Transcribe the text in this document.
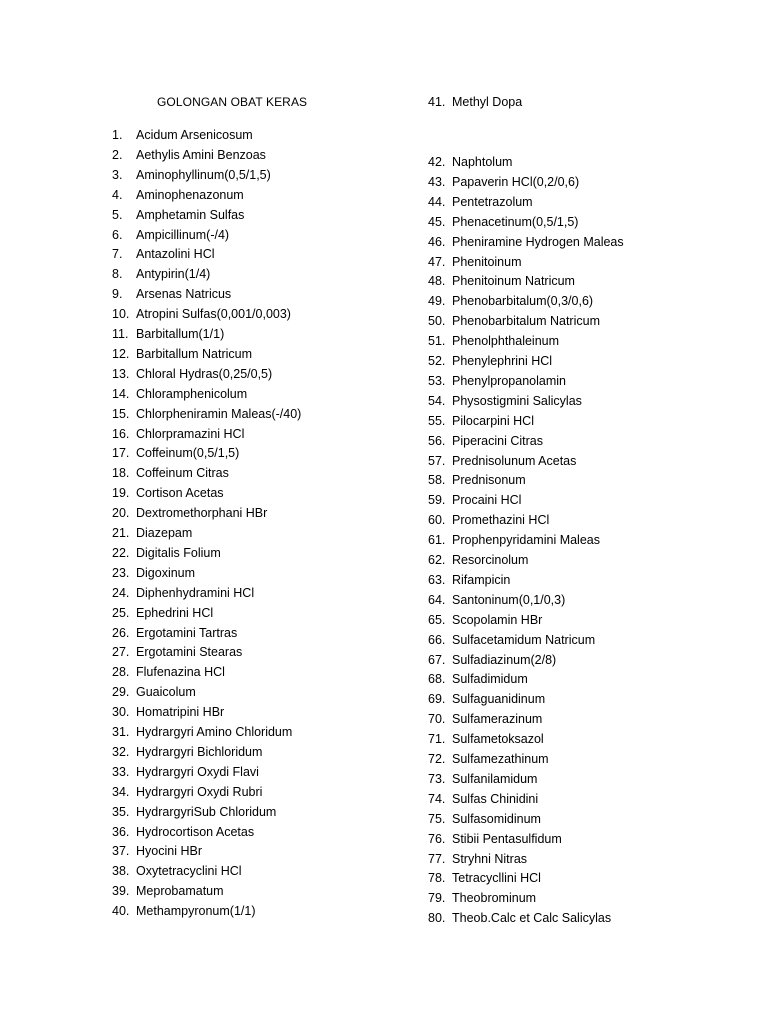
GOLONGAN OBAT KERAS
1. Acidum Arsenicosum
2. Aethylis Amini Benzoas
3. Aminophyllinum(0,5/1,5)
4. Aminophenazonum
5. Amphetamin Sulfas
6. Ampicillinum(-/4)
7. Antazolini HCl
8. Antypirin(1/4)
9. Arsenas Natricus
10. Atropini Sulfas(0,001/0,003)
11. Barbitallum(1/1)
12. Barbitallum Natricum
13. Chloral Hydras(0,25/0,5)
14. Chloramphenicolum
15. Chlorpheniramin Maleas(-/40)
16. Chlorpramazini HCl
17. Coffeinum(0,5/1,5)
18. Coffeinum Citras
19. Cortison Acetas
20. Dextromethorphani HBr
21. Diazepam
22. Digitalis Folium
23. Digoxinum
24. Diphenhydramini HCl
25. Ephedrini HCl
26. Ergotamini Tartras
27. Ergotamini Stearas
28. Flufenazina HCl
29. Guaicolum
30. Homatripini HBr
31. Hydrargyri Amino Chloridum
32. Hydrargyri Bichloridum
33. Hydrargyri Oxydi Flavi
34. Hydrargyri Oxydi Rubri
35. HydrargyriSub Chloridum
36. Hydrocortison Acetas
37. Hyocini HBr
38. Oxytetracyclini HCl
39. Meprobamatum
40. Methampyronum(1/1)
41. Methyl Dopa
42. Naphtolum
43. Papaverin HCl(0,2/0,6)
44. Pentetrazolum
45. Phenacetinum(0,5/1,5)
46. Pheniramine Hydrogen Maleas
47. Phenitoinum
48. Phenitoinum Natricum
49. Phenobarbitalum(0,3/0,6)
50. Phenobarbitalum Natricum
51. Phenolphthaleinum
52. Phenylephrini HCl
53. Phenylpropanolamin
54. Physostigmini Salicylas
55. Pilocarpini HCl
56. Piperacini Citras
57. Prednisolunum Acetas
58. Prednisonum
59. Procaini HCl
60. Promethazini HCl
61. Prophenpyridamini Maleas
62. Resorcinolum
63. Rifampicin
64. Santoninum(0,1/0,3)
65. Scopolamin HBr
66. Sulfacetamidum Natricum
67. Sulfadiazinum(2/8)
68. Sulfadimidum
69. Sulfaguanidinum
70. Sulfamerazinum
71. Sulfametoksazol
72. Sulfamezathinum
73. Sulfanilamidum
74. Sulfas Chinidini
75. Sulfasomidinum
76. Stibii Pentasulfidum
77. Stryhni Nitras
78. Tetracycllini HCl
79. Theobrominum
80. Theob.Calc et Calc Salicylas
